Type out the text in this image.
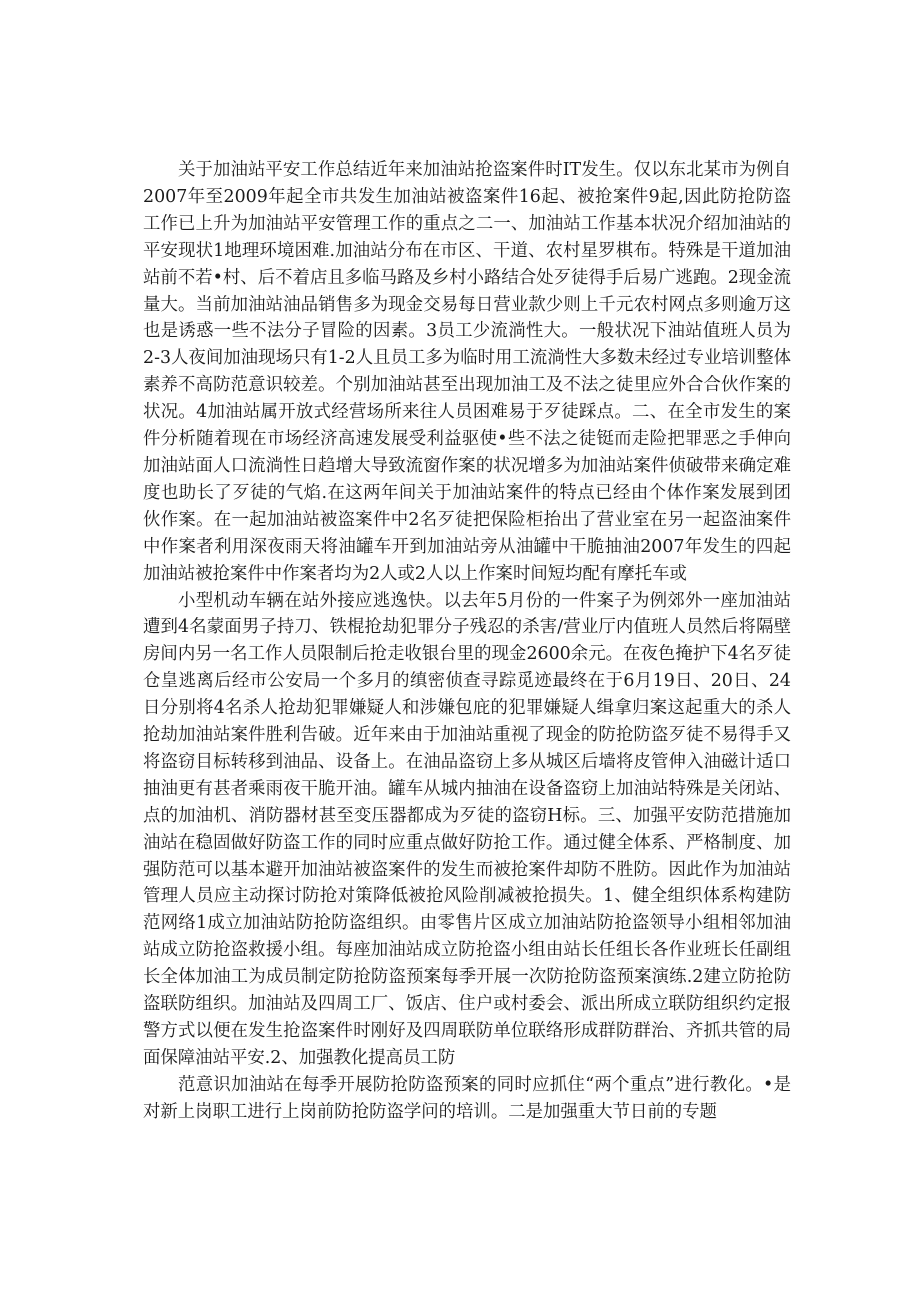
关于加油站平安工作总结近年来加油站抢盗案件时IT发生。仅以东北某市为例自2007年至2009年起全市共发生加油站被盗案件16起、被抢案件9起,因此防抢防盗工作已上升为加油站平安管理工作的重点之二一、加油站工作基本状况介绍加油站的平安现状1地理环境困难.加油站分布在市区、干道、农村星罗棋布。特殊是干道加油站前不若•村、后不着店且多临马路及乡村小路结合处歹徒得手后易广逃跑。2现金流量大。当前加油站油品销售多为现金交易每日营业款少则上千元农村网点多则逾万这也是诱惑一些不法分子冒险的因素。3员工少流淌性大。一般状况下油站值班人员为2-3人夜间加油现场只有1-2人且员工多为临时用工流淌性大多数未经过专业培训整体素养不高防范意识较差。个别加油站甚至出现加油工及不法之徒里应外合合伙作案的状况。4加油站属开放式经营场所来往人员困难易于歹徒踩点。二、在全市发生的案件分析随着现在市场经济高速发展受利益驱使•些不法之徒铤而走险把罪恶之手伸向加油站面人口流淌性日趋增大导致流窗作案的状况增多为加油站案件侦破带来确定难度也助长了歹徒的气焰.在这两年间关于加油站案件的特点已经由个体作案发展到团伙作案。在一起加油站被盗案件中2名歹徒把保险柜抬出了营业室在另一起盗油案件中作案者利用深夜雨天将油罐车开到加油站旁从油罐中干脆抽油2007年发生的四起加油站被抢案件中作案者均为2人或2人以上作案时间短均配有摩托车或

小型机动车辆在站外接应逃逸快。以去年5月份的一件案子为例郊外一座加油站遭到4名蒙面男子持刀、铁棍抢劫犯罪分子残忍的杀害/营业厅内值班人员然后将隔壁房间内另一名工作人员限制后抢走收银台里的现金2600余元。在夜色掩护下4名歹徒仓皇逃离后经市公安局一个多月的缜密侦查寻踪觅迹最终在于6月19日、20日、24日分别将4名杀人抢劫犯罪嫌疑人和涉嫌包庇的犯罪嫌疑人缉拿归案这起重大的杀人抢劫加油站案件胜利告破。近年来由于加油站重视了现金的防抢防盗歹徒不易得手又将盗窃目标转移到油品、设备上。在油品盗窃上多从城区后墙将皮管伸入油磁计适口抽油更有甚者乘雨夜干脆开油。罐车从城内抽油在设备盗窃上加油站特殊是关闭站、点的加油机、消防器材甚至变压器都成为歹徒的盗窃H标。三、加强平安防范措施加油站在稳固做好防盗工作的同时应重点做好防抢工作。通过健全体系、严格制度、加强防范可以基本避开加油站被盗案件的发生而被抢案件却防不胜防。因此作为加油站管理人员应主动探讨防抢对策降低被抢风险削减被抢损失。1、健全组织体系构建防范网络1成立加油站防抢防盗组织。由零售片区成立加油站防抢盗领导小组相邻加油站成立防抢盗救援小组。每座加油站成立防抢盗小组由站长任组长各作业班长任副组长全体加油工为成员制定防抢防盗预案每季开展一次防抢防盗预案演练.2建立防抢防盗联防组织。加油站及四周工厂、饭店、住户或村委会、派出所成立联防组织约定报警方式以便在发生抢盗案件时刚好及四周联防单位联络形成群防群治、齐抓共管的局面保障油站平安.2、加强教化提高员工防

范意识加油站在每季开展防抢防盗预案的同时应抓住“两个重点”进行教化。•是对新上岗职工进行上岗前防抢防盗学问的培训。二是加强重大节日前的专题
